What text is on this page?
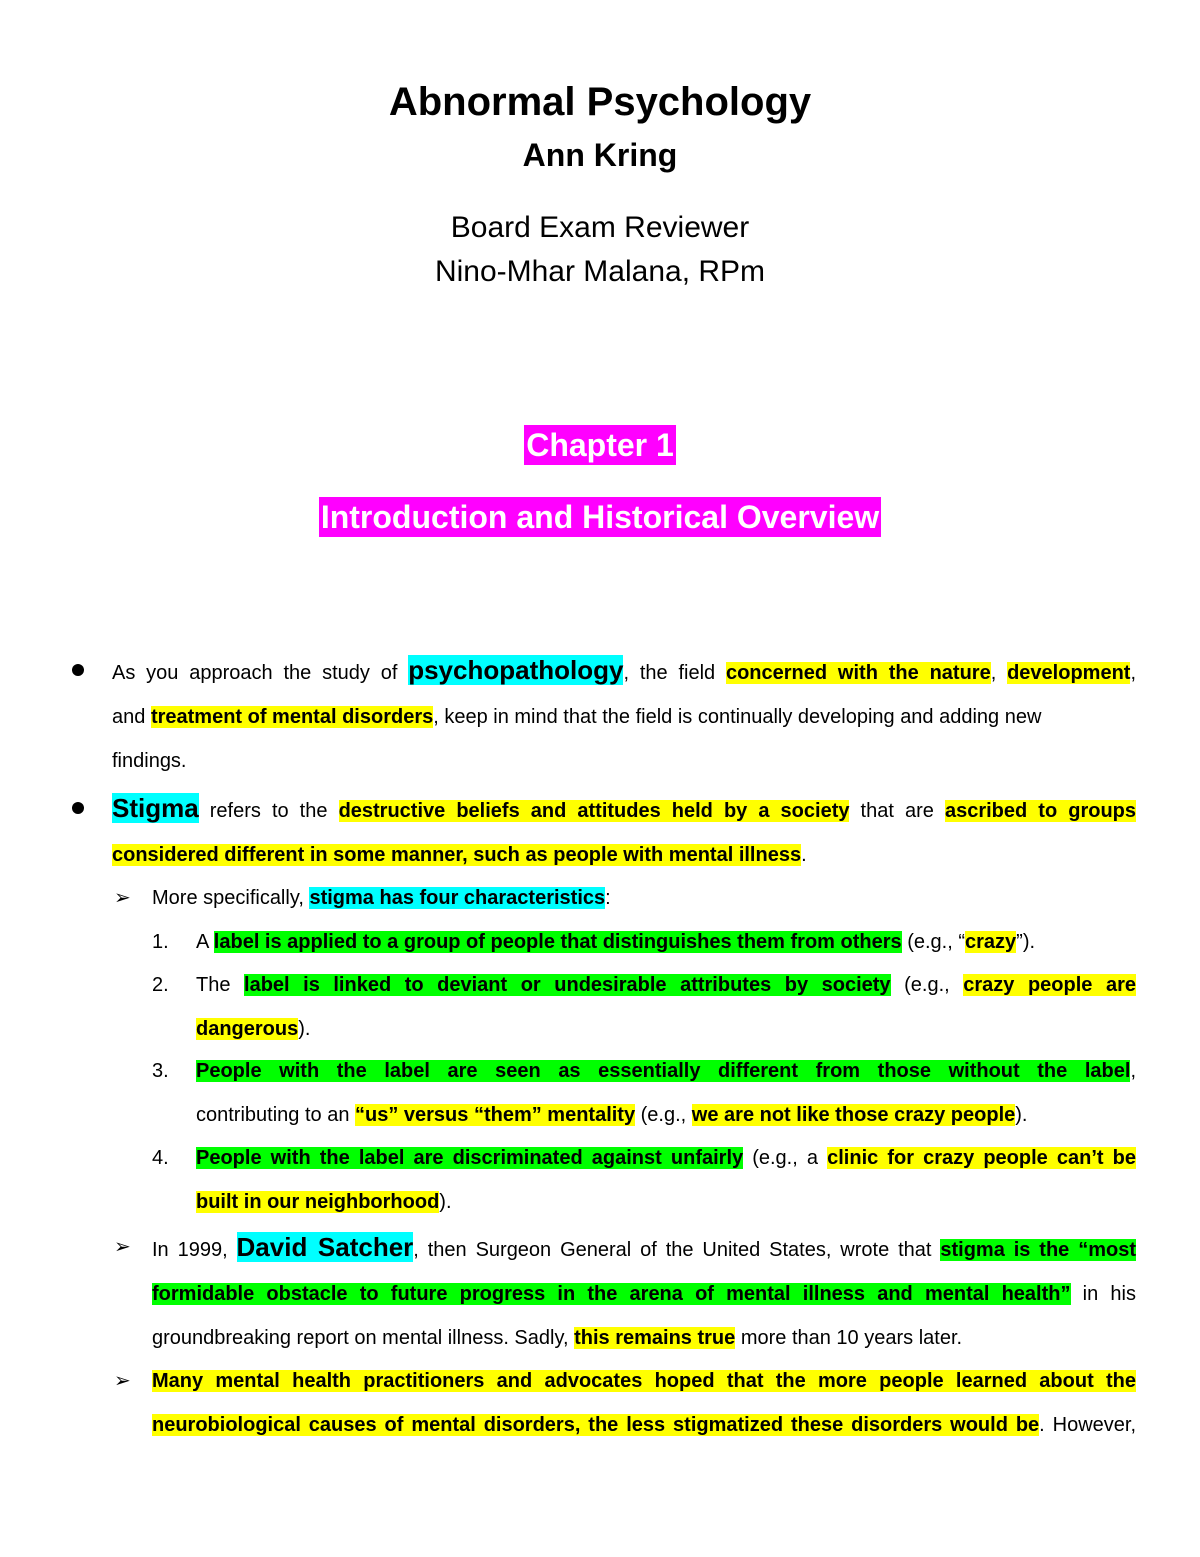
Abnormal Psychology
Ann Kring
Board Exam Reviewer
Nino-Mhar Malana, RPm
Chapter 1
Introduction and Historical Overview
As you approach the study of psychopathology, the field concerned with the nature, development,
and treatment of mental disorders, keep in mind that the field is continually developing and adding new
findings.
Stigma refers to the destructive beliefs and attitudes held by a society that are ascribed to groups
considered different in some manner, such as people with mental illness.
➢ More specifically, stigma has four characteristics:
1. A label is applied to a group of people that distinguishes them from others (e.g., “crazy”).
2. The label is linked to deviant or undesirable attributes by society (e.g., crazy people are
dangerous).
3. People with the label are seen as essentially different from those without the label,
contributing to an “us” versus “them” mentality (e.g., we are not like those crazy people).
4. People with the label are discriminated against unfairly (e.g., a clinic for crazy people can’t be
built in our neighborhood).
➢ In 1999, David Satcher, then Surgeon General of the United States, wrote that stigma is the “most
formidable obstacle to future progress in the arena of mental illness and mental health” in his
groundbreaking report on mental illness. Sadly, this remains true more than 10 years later.
➢ Many mental health practitioners and advocates hoped that the more people learned about the
neurobiological causes of mental disorders, the less stigmatized these disorders would be. However,
